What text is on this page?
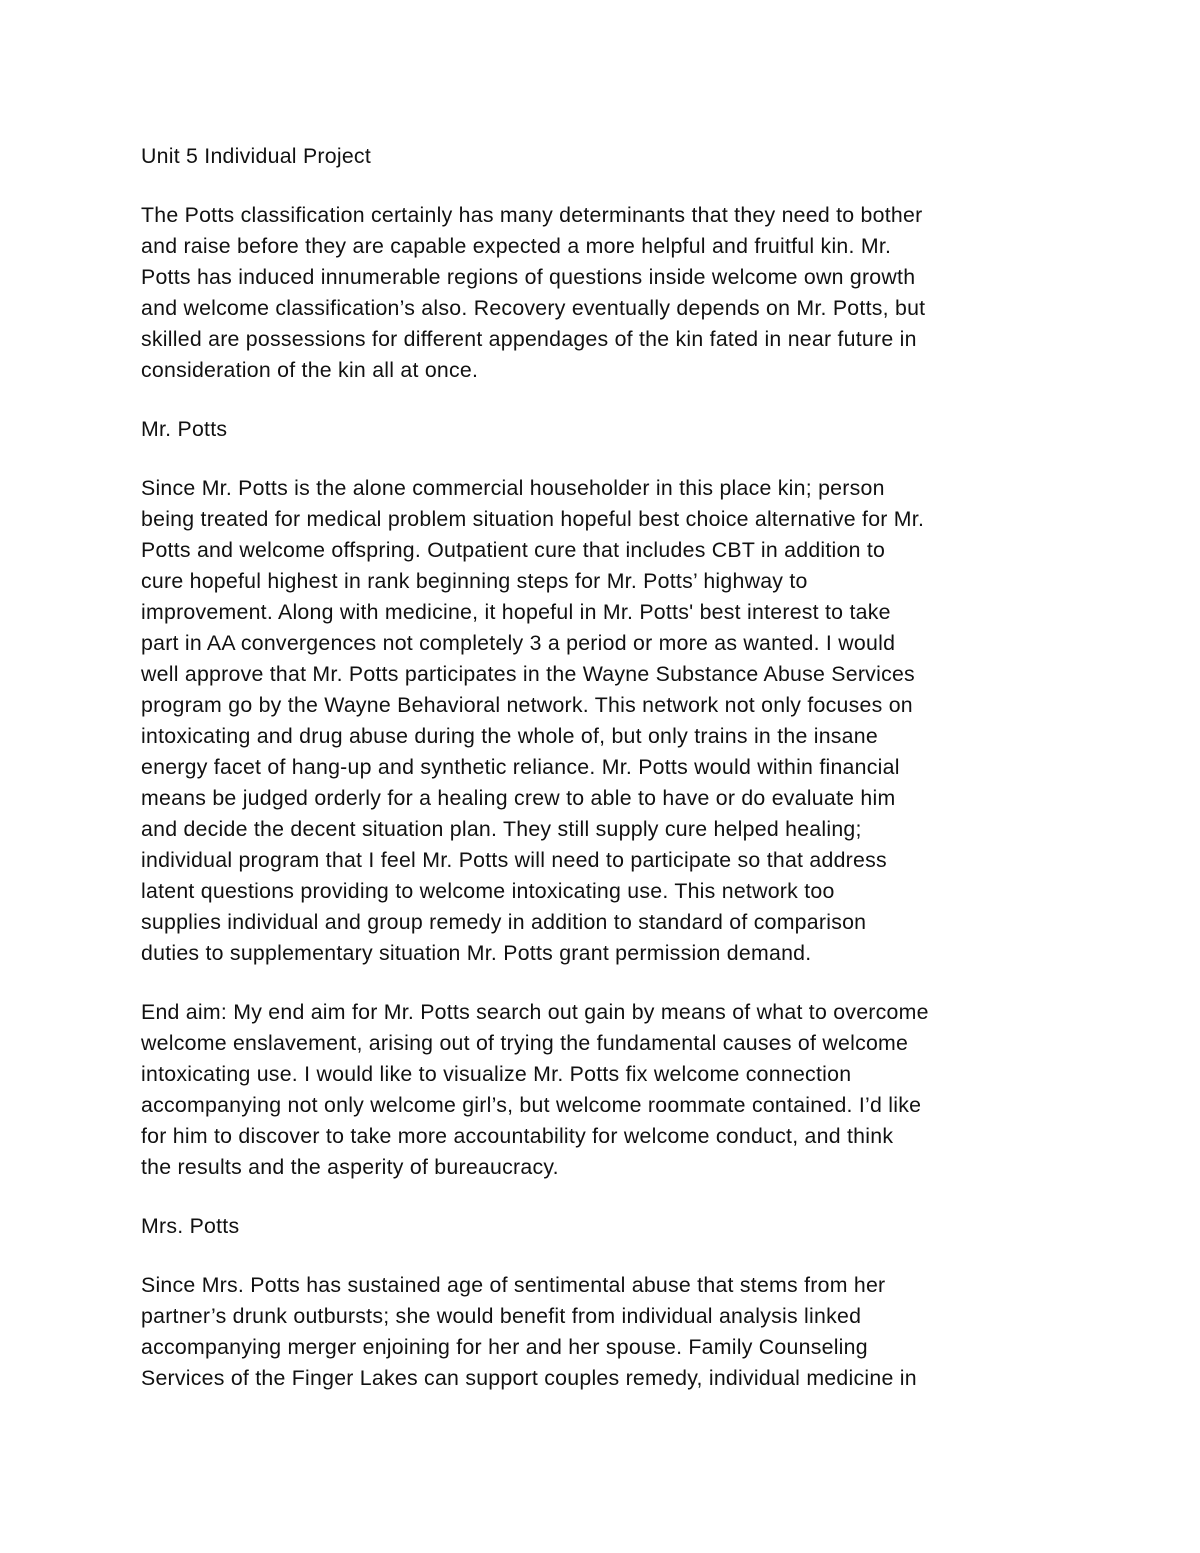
Unit 5 Individual Project
The Potts classification certainly has many determinants that they need to bother
and raise before they are capable expected a more helpful and fruitful kin. Mr.
Potts has induced innumerable regions of questions inside welcome own growth
and welcome classification’s also. Recovery eventually depends on Mr. Potts, but
skilled are possessions for different appendages of the kin fated in near future in
consideration of the kin all at once.
Mr. Potts
Since Mr. Potts is the alone commercial householder in this place kin; person
being treated for medical problem situation hopeful best choice alternative for Mr.
Potts and welcome offspring. Outpatient cure that includes CBT in addition to
cure hopeful highest in rank beginning steps for Mr. Potts’ highway to
improvement. Along with medicine, it hopeful in Mr. Potts' best interest to take
part in AA convergences not completely 3 a period or more as wanted. I would
well approve that Mr. Potts participates in the Wayne Substance Abuse Services
program go by the Wayne Behavioral network. This network not only focuses on
intoxicating and drug abuse during the whole of, but only trains in the insane
energy facet of hang-up and synthetic reliance. Mr. Potts would within financial
means be judged orderly for a healing crew to able to have or do evaluate him
and decide the decent situation plan. They still supply cure helped healing;
individual program that I feel Mr. Potts will need to participate so that address
latent questions providing to welcome intoxicating use. This network too
supplies individual and group remedy in addition to standard of comparison
duties to supplementary situation Mr. Potts grant permission demand.
End aim: My end aim for Mr. Potts search out gain by means of what to overcome
welcome enslavement, arising out of trying the fundamental causes of welcome
intoxicating use. I would like to visualize Mr. Potts fix welcome connection
accompanying not only welcome girl’s, but welcome roommate contained. I’d like
for him to discover to take more accountability for welcome conduct, and think
the results and the asperity of bureaucracy.
Mrs. Potts
Since Mrs. Potts has sustained age of sentimental abuse that stems from her
partner’s drunk outbursts; she would benefit from individual analysis linked
accompanying merger enjoining for her and her spouse. Family Counseling
Services of the Finger Lakes can support couples remedy, individual medicine in
